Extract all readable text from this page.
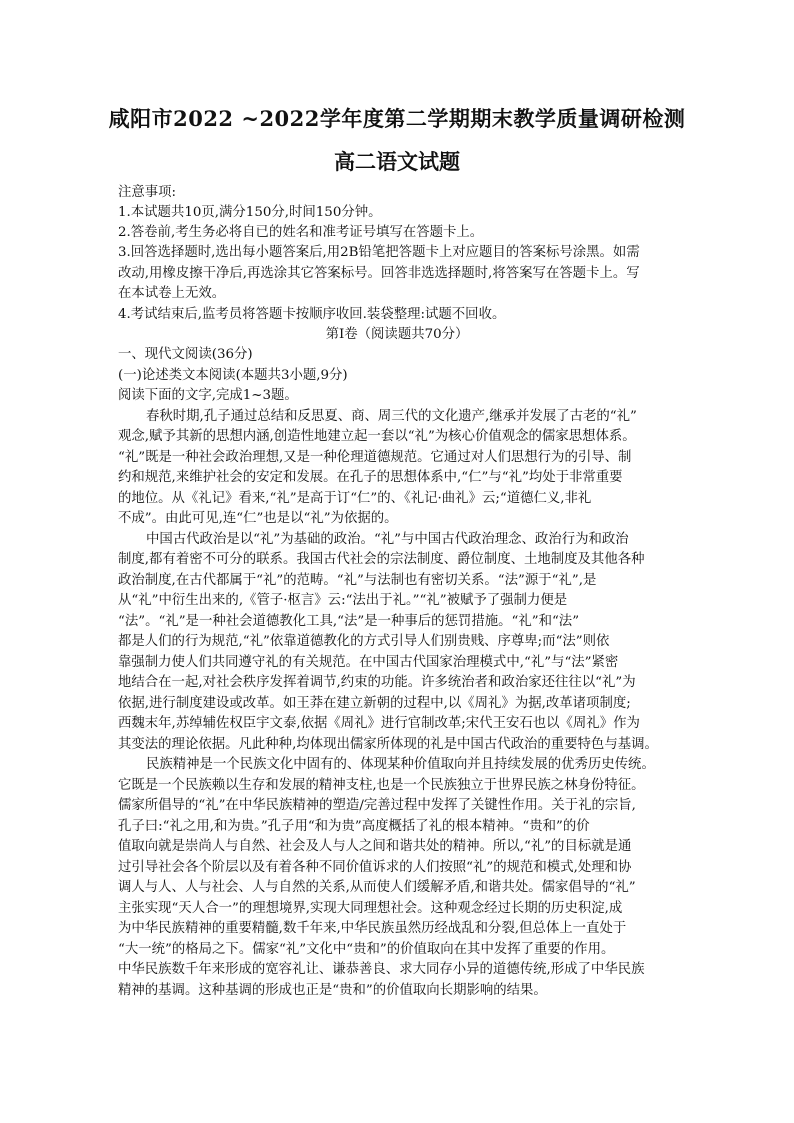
咸阳市2022 ~2022学年度第二学期期末教学质量调研检测
高二语文试题
注意事项:
1.本试题共10页,满分150分,时间150分钟。
2.答卷前,考生务必将自已的姓名和准考证号填写在答题卡上。
3.回答选择题时,选出每小题答案后,用2B铅笔把答题卡上对应题目的答案标号涂黑。如需
改动,用橡皮擦干净后,再选涂其它答案标号。回答非选选择题时,将答案写在答题卡上。写
在本试卷上无效。
4.考试结束后,监考员将答题卡按顺序收回.装袋整理:试题不回收。
第Ⅰ卷（阅读题共70分）
一、现代文阅读(36分)
(一)论述类文本阅读(本题共3小题,9分)
阅读下面的文字,完成1~3题。
春秋时期,孔子通过总结和反思夏、商、周三代的文化遗产,继承并发展了古老的“礼”
观念,赋予其新的思想内涵,创造性地建立起一套以“礼”为核心价值观念的儒家思想体系。
“礼”既是一种社会政治理想,又是一种伦理道德规范。它通过对人们思想行为的引导、制
约和规范,来维护社会的安定和发展。在孔子的思想体系中,“仁”与“礼”均处于非常重要
的地位。从《礼记》看来,“礼”是高于订“仁”的、《礼记·曲礼》云;“道德仁义,非礼
不成”。由此可见,连“仁”也是以“礼”为依据的。
中国古代政治是以“礼”为基础的政治。“礼”与中国古代政治理念、政治行为和政治
制度,都有着密不可分的联系。我国古代社会的宗法制度、爵位制度、土地制度及其他各种
政治制度,在古代都属于“礼”的范畴。“礼”与法制也有密切关系。“法”源于“礼”,是
从“礼”中衍生出来的,《管子·枢言》云:“法出于礼。”“礼”被赋予了强制力便是
“法”。“礼”是一种社会道德教化工具,“法”是一种事后的惩罚措施。“礼”和“法”
都是人们的行为规范,“礼”依靠道德教化的方式引导人们别贵贱、序尊卑;而“法”则依
靠强制力使人们共同遵守礼的有关规范。在中国古代国家治理模式中,“礼”与“法”紧密
地结合在一起,对社会秩序发挥着调节,约束的功能。许多统治者和政治家还往往以“礼”为
依据,进行制度建设或改革。如王莽在建立新朝的过程中,以《周礼》为据,改革诸项制度;
西魏末年,苏绰辅佐权臣宇文泰,依据《周礼》进行官制改革;宋代王安石也以《周礼》作为
其变法的理论依据。凡此种种,均体现出儒家所体现的礼是中国古代政治的重要特色与基调。
民族精神是一个民族文化中固有的、体现某种价值取向并且持续发展的优秀历史传统。
它既是一个民族赖以生存和发展的精神支柱,也是一个民族独立于世界民族之林身份特征。
儒家所倡导的“礼”在中华民族精神的塑造/完善过程中发挥了关键性作用。关于礼的宗旨,
孔子曰:“礼之用,和为贵。”孔子用“和为贵”高度概括了礼的根本精神。“贵和”的价
值取向就是崇尚人与自然、社会及人与人之间和谐共处的精神。所以,“礼”的目标就是通
过引导社会各个阶层以及有着各种不同价值诉求的人们按照“礼”的规范和模式,处理和协
调人与人、人与社会、人与自然的关系,从而使人们缓解矛盾,和谐共处。儒家倡导的“礼”
主张实现“天人合一”的理想境界,实现大同理想社会。这种观念经过长期的历史积淀,成
为中华民族精神的重要精髓,数千年来,中华民族虽然历经战乱和分裂,但总体上一直处于
“大一统”的格局之下。儒家“礼”文化中“贵和”的价值取向在其中发挥了重要的作用。
中华民族数千年来形成的宽容礼让、谦恭善良、求大同存小异的道德传统,形成了中华民族
精神的基调。这种基调的形成也正是“贵和”的价值取向长期影响的结果。
